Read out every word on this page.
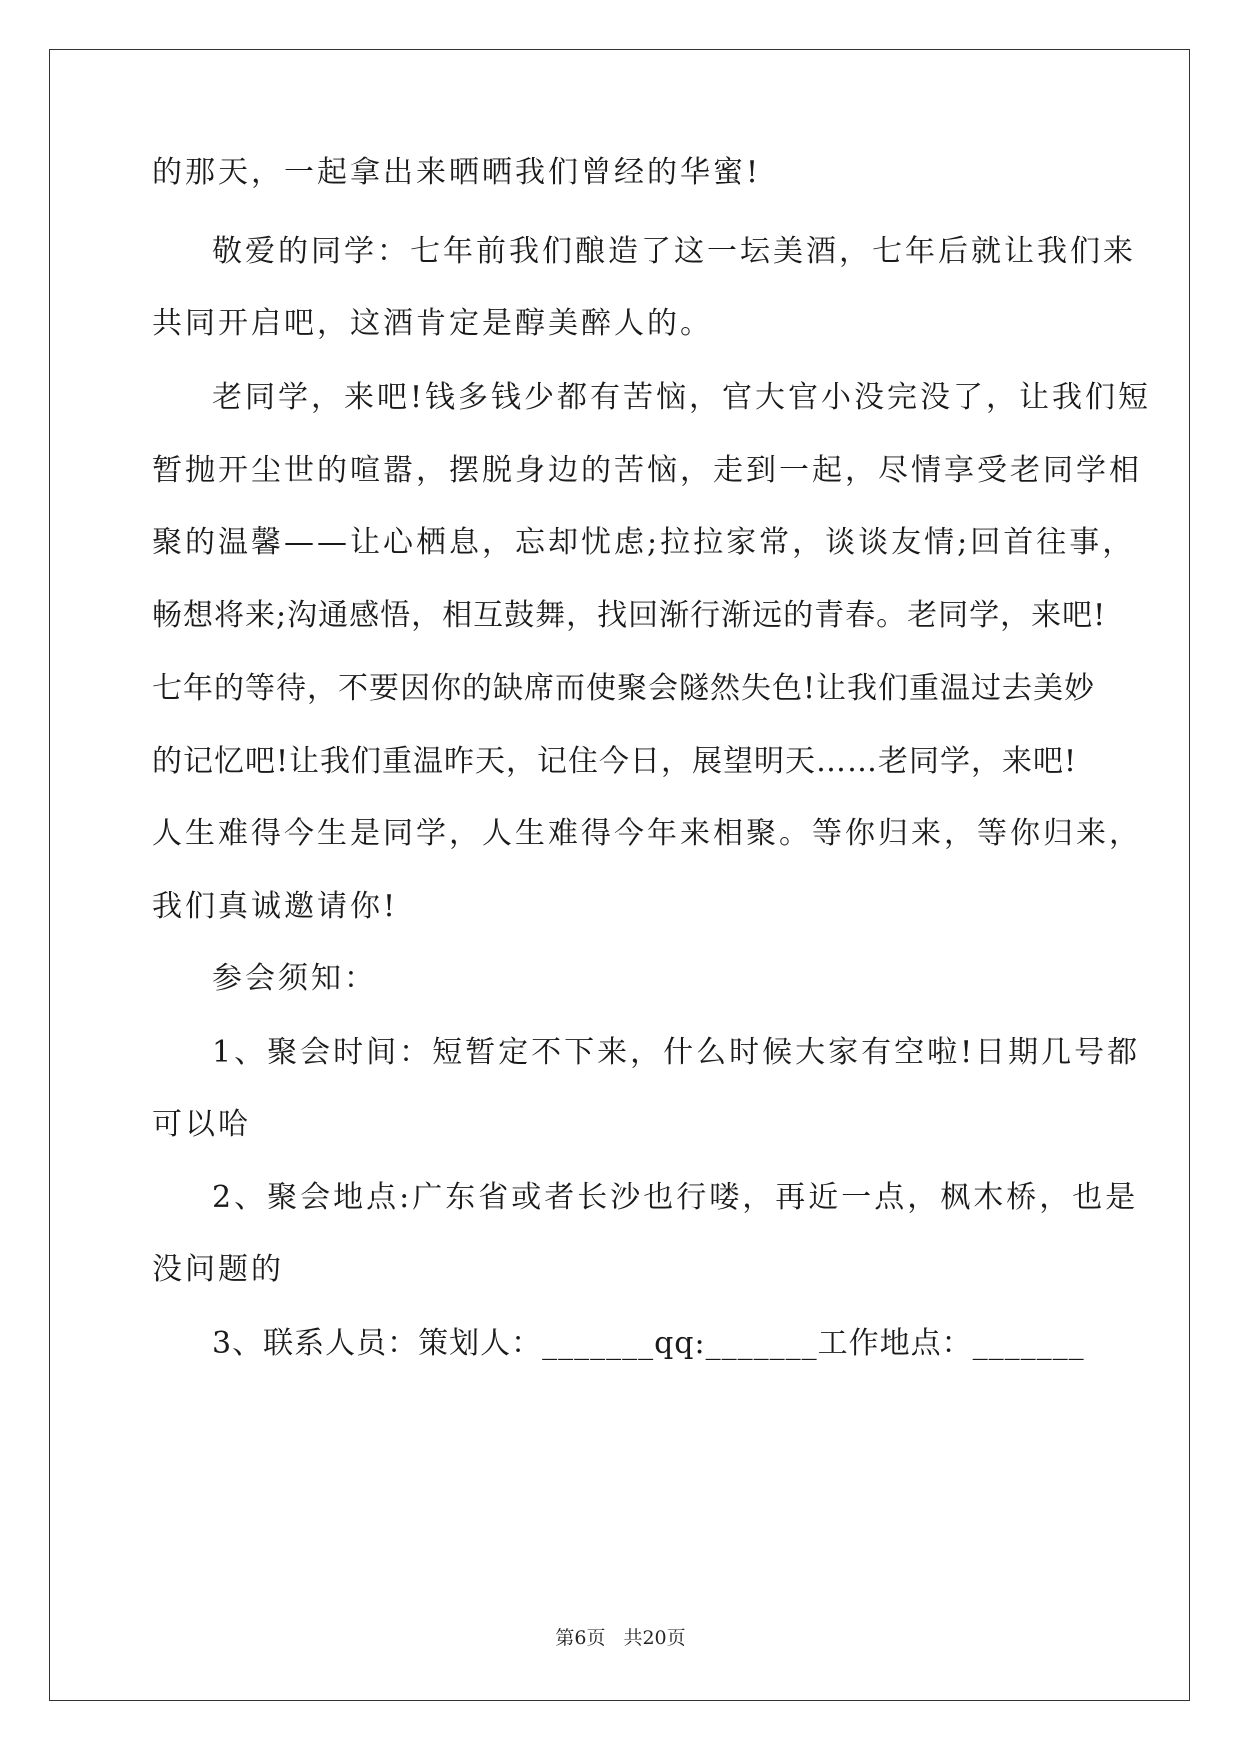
的那天，一起拿出来晒晒我们曾经的华蜜!
敬爱的同学：七年前我们酿造了这一坛美酒，七年后就让我们来
共同开启吧，这酒肯定是醇美醉人的。
老同学，来吧!钱多钱少都有苦恼，官大官小没完没了，让我们短
暂抛开尘世的喧嚣，摆脱身边的苦恼，走到一起，尽情享受老同学相
聚的温馨——让心栖息，忘却忧虑;拉拉家常，谈谈友情;回首往事，
畅想将来;沟通感悟，相互鼓舞，找回渐行渐远的青春。老同学，来吧!
七年的等待，不要因你的缺席而使聚会隧然失色!让我们重温过去美妙
的记忆吧!让我们重温昨天，记住今日，展望明天……老同学，来吧!
人生难得今生是同学，人生难得今年来相聚。等你归来，等你归来，
我们真诚邀请你!
参会须知：
1、聚会时间：短暂定不下来，什么时候大家有空啦!日期几号都
可以哈
2、聚会地点:广东省或者长沙也行喽，再近一点，枫木桥，也是
没问题的
3、联系人员：策划人：_______qq:_______工作地点：_______
第6页 共20页
